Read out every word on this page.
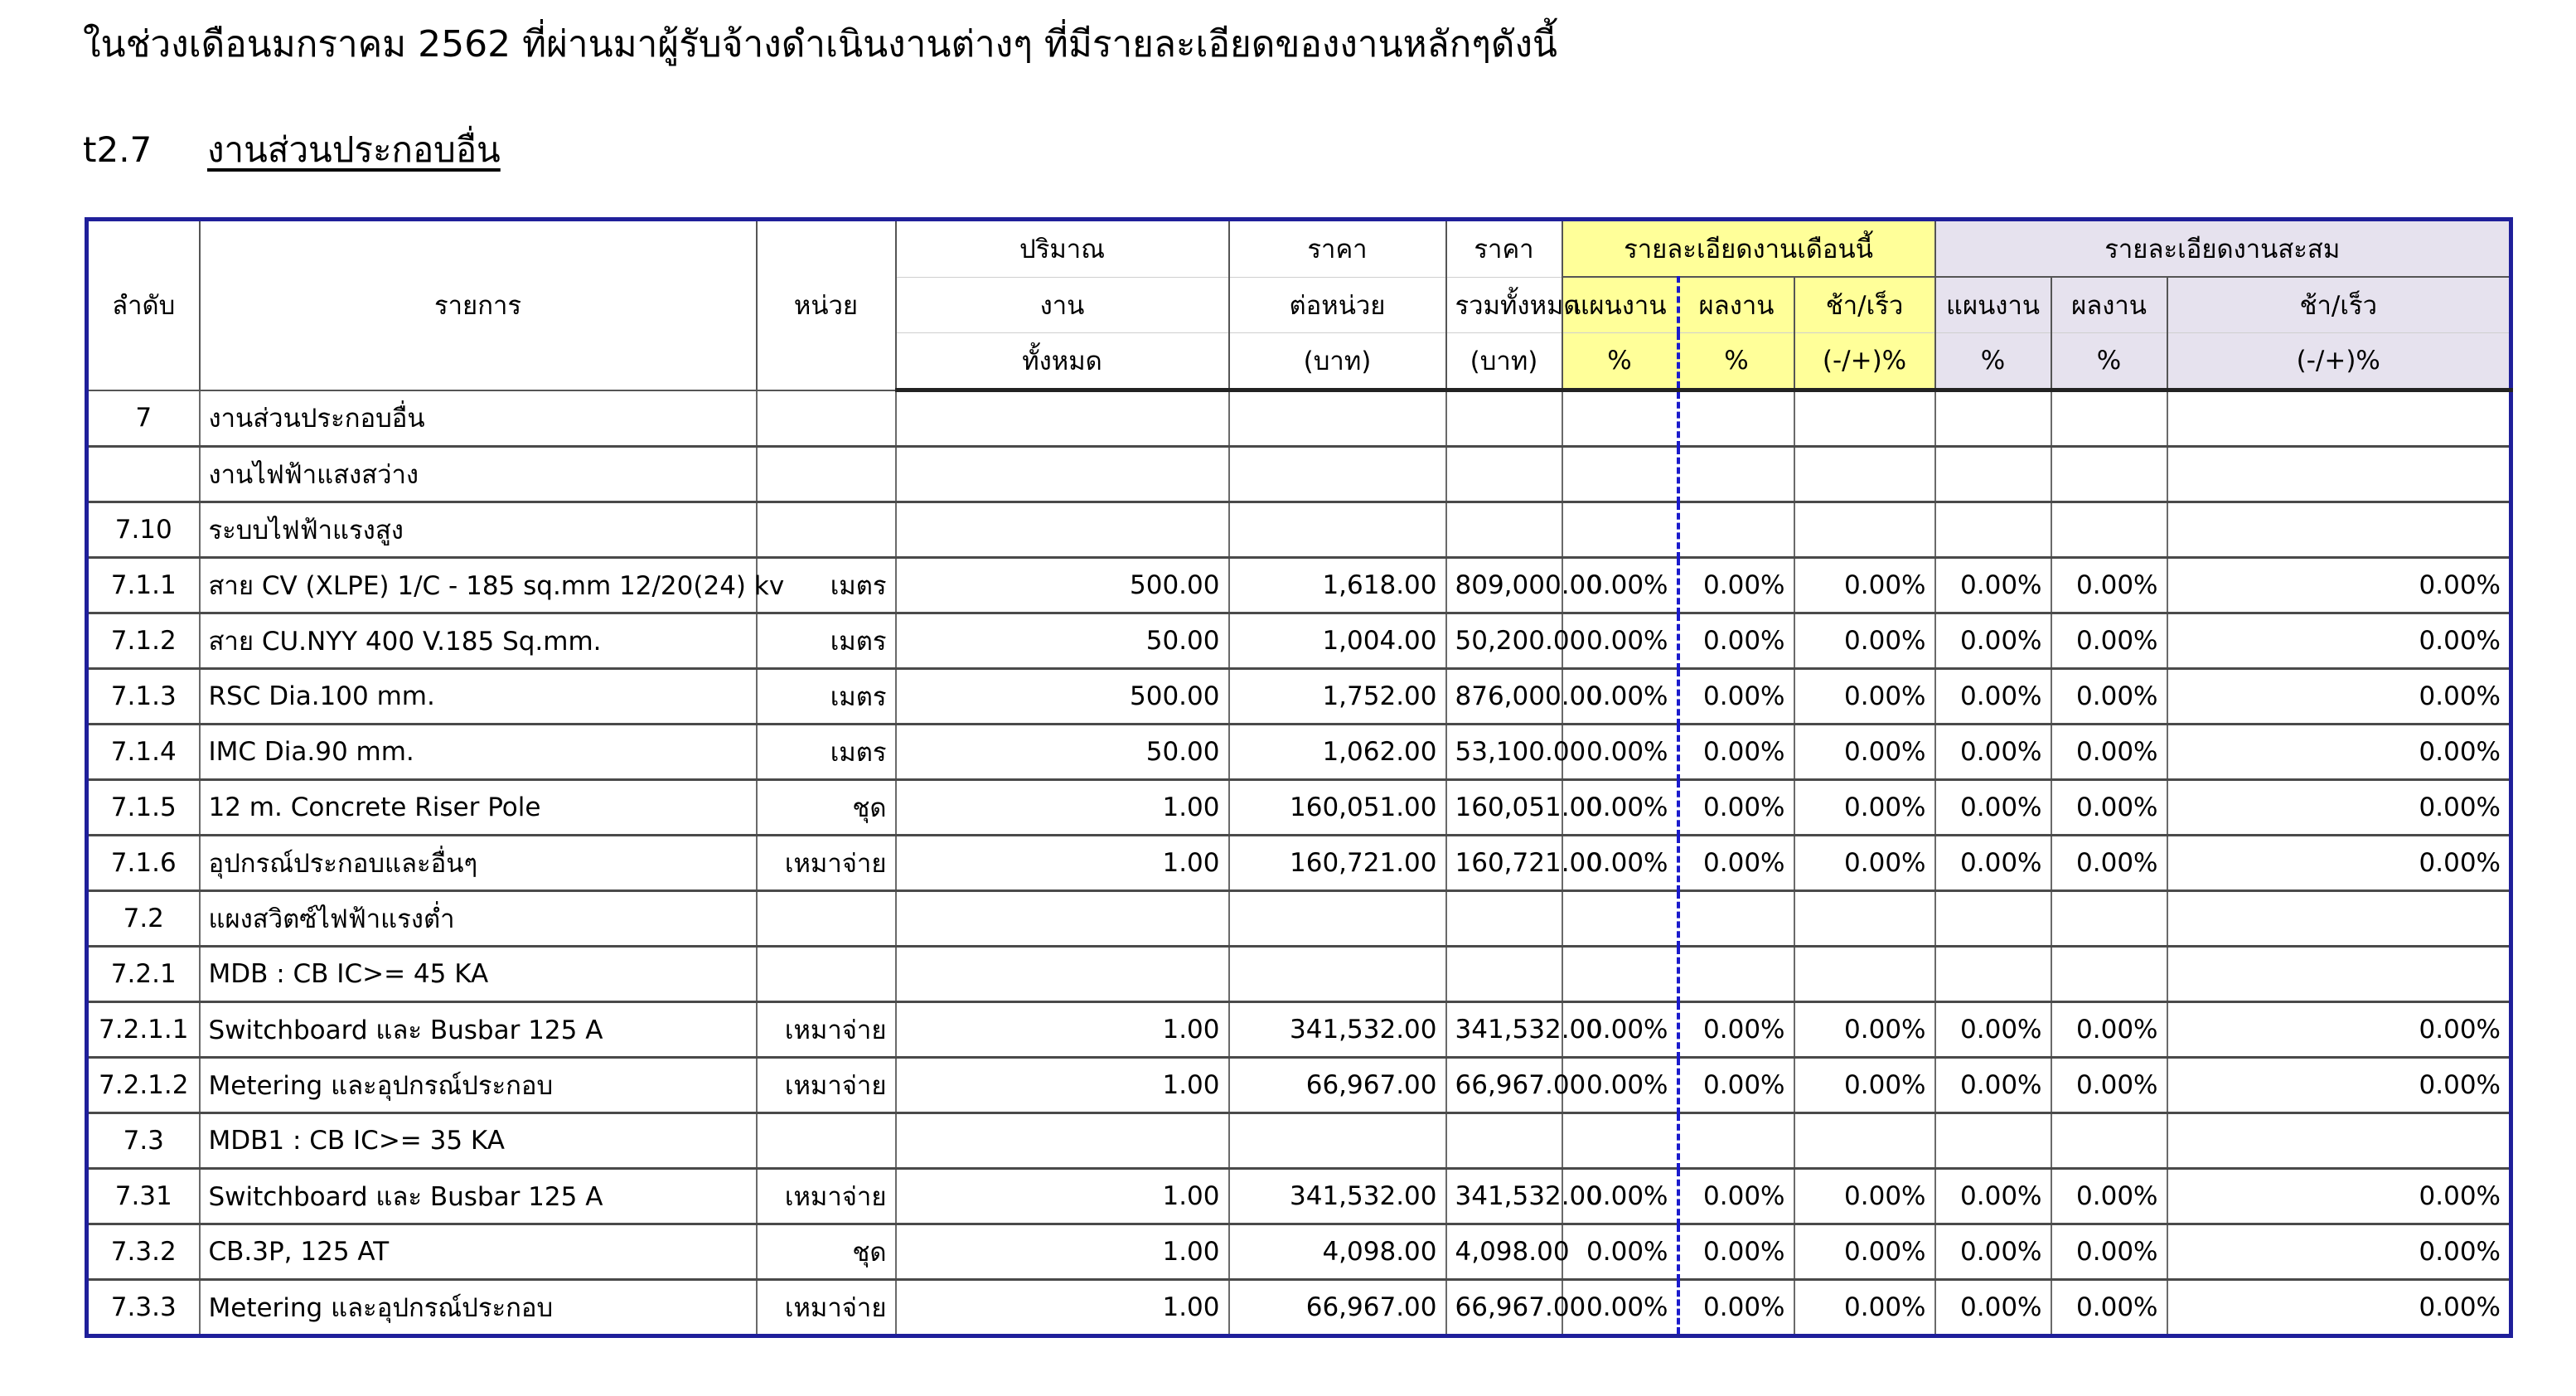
ในช่วงเดือนมกราคม 2562 ที่ผ่านมาผู้รับจ้างดำเนินงานต่างๆ ที่มีรายละเอียดของงานหลักๆดังนี้
t2.7 งานส่วนประกอบอื่น
ลำดับ	รายการ	หน่วย	ปริมาณ	ราคา	ราคา	รายละเอียดงานเดือนนี้			รายละเอียดงานสะสม		
			งาน	ต่อหน่วย	รวมทั้งหมด	แผนงาน	ผลงาน	ช้า/เร็ว	แผนงาน	ผลงาน	ช้า/เร็ว
			ทั้งหมด	(บาท)	(บาท)	%	%	(-/+)%	%	%	(-/+)%
7	งานส่วนประกอบอื่น										
	งานไฟฟ้าแสงสว่าง										
7.10	ระบบไฟฟ้าแรงสูง										
7.1.1	สาย CV (XLPE) 1/C - 185 sq.mm 12/20(24) kv	เมตร	500.00	1,618.00	809,000.00	0.00%	0.00%	0.00%	0.00%	0.00%	0.00%
7.1.2	สาย CU.NYY 400 V.185 Sq.mm.	เมตร	50.00	1,004.00	50,200.00	0.00%	0.00%	0.00%	0.00%	0.00%	0.00%
7.1.3	RSC Dia.100 mm.	เมตร	500.00	1,752.00	876,000.00	0.00%	0.00%	0.00%	0.00%	0.00%	0.00%
7.1.4	IMC Dia.90 mm.	เมตร	50.00	1,062.00	53,100.00	0.00%	0.00%	0.00%	0.00%	0.00%	0.00%
7.1.5	12 m. Concrete Riser Pole	ชุด	1.00	160,051.00	160,051.00	0.00%	0.00%	0.00%	0.00%	0.00%	0.00%
7.1.6	อุปกรณ์ประกอบและอื่นๆ	เหมาจ่าย	1.00	160,721.00	160,721.00	0.00%	0.00%	0.00%	0.00%	0.00%	0.00%
7.2	แผงสวิตซ์ไฟฟ้าแรงต่ำ										
7.2.1	MDB : CB IC>= 45 KA										
7.2.1.1	Switchboard และ Busbar 125 A	เหมาจ่าย	1.00	341,532.00	341,532.00	0.00%	0.00%	0.00%	0.00%	0.00%	0.00%
7.2.1.2	Metering และอุปกรณ์ประกอบ	เหมาจ่าย	1.00	66,967.00	66,967.00	0.00%	0.00%	0.00%	0.00%	0.00%	0.00%
7.3	MDB1 : CB IC>= 35 KA										
7.31	Switchboard และ Busbar 125 A	เหมาจ่าย	1.00	341,532.00	341,532.00	0.00%	0.00%	0.00%	0.00%	0.00%	0.00%
7.3.2	CB.3P, 125 AT	ชุด	1.00	4,098.00	4,098.00	0.00%	0.00%	0.00%	0.00%	0.00%	0.00%
7.3.3	Metering และอุปกรณ์ประกอบ	เหมาจ่าย	1.00	66,967.00	66,967.00	0.00%	0.00%	0.00%	0.00%	0.00%	0.00%
